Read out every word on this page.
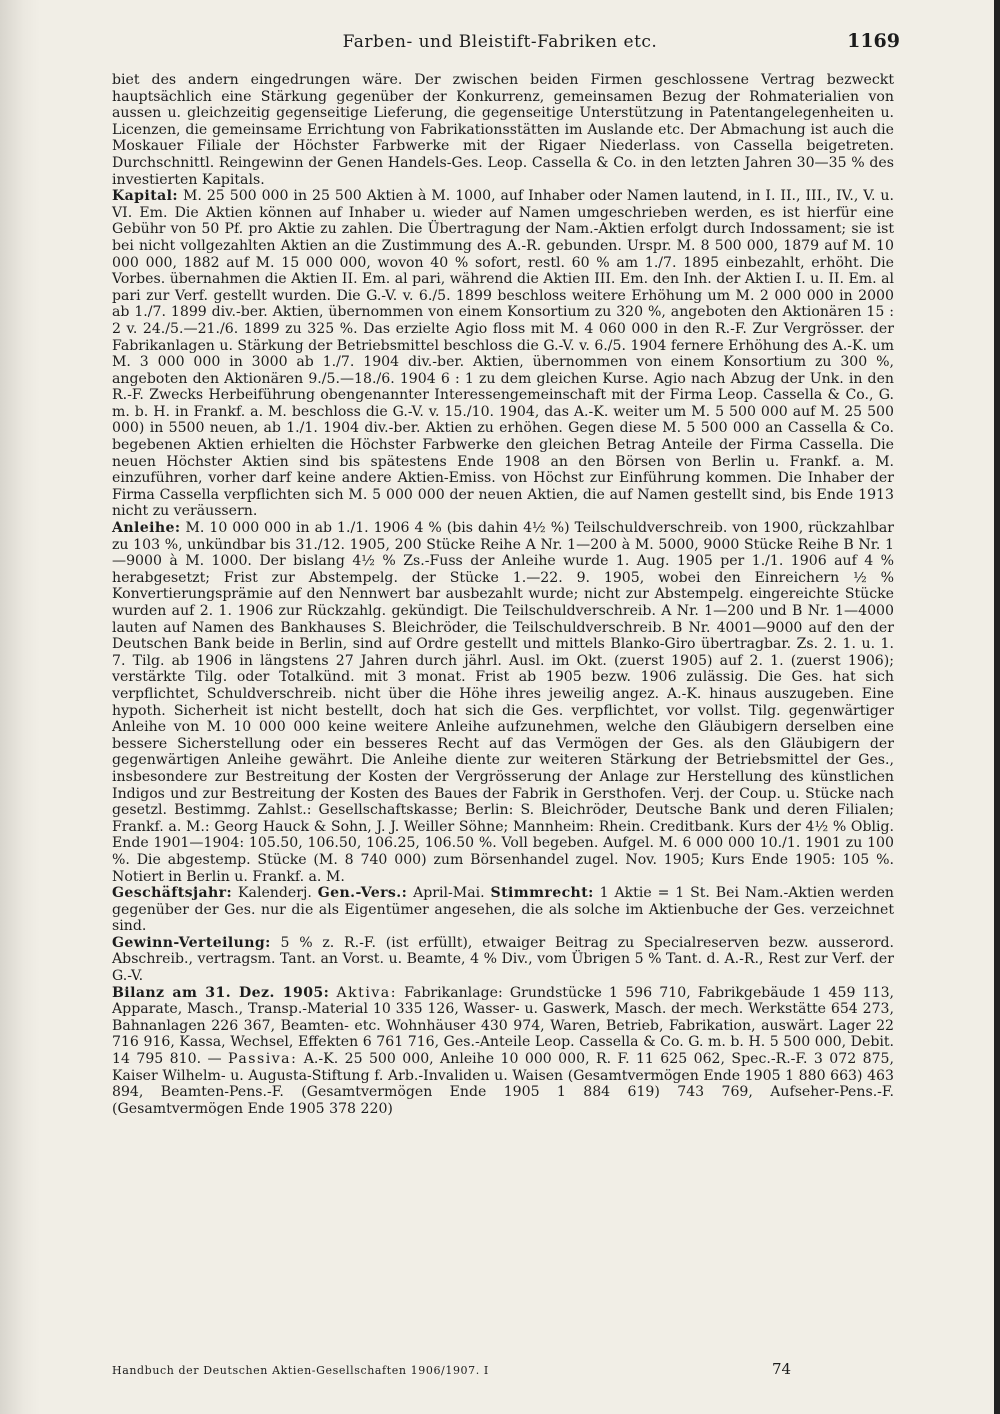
Farben- und Bleistift-Fabriken etc.	1169

biet des andern eingedrungen wäre. Der zwischen beiden Firmen geschlossene Vertrag bezweckt hauptsächlich eine Stärkung gegenüber der Konkurrenz, gemeinsamen Bezug der Rohmaterialien von aussen u. gleichzeitig gegenseitige Lieferung, die gegenseitige Unterstützung in Patentangelegenheiten u. Licenzen, die gemeinsame Errichtung von Fabrikationsstätten im Auslande etc. Der Abmachung ist auch die Moskauer Filiale der Höchster Farbwerke mit der Rigaer Niederlass. von Cassella beigetreten. Durchschnittl. Reingewinn der Genen Handels-Ges. Leop. Cassella & Co. in den letzten Jahren 30—35 % des investierten Kapitals.

Kapital: M. 25 500 000 in 25 500 Aktien à M. 1000, auf Inhaber oder Namen lautend, in I. II., III., IV., V. u. VI. Em. Die Aktien können auf Inhaber u. wieder auf Namen umgeschrieben werden, es ist hierfür eine Gebühr von 50 Pf. pro Aktie zu zahlen. Die Übertragung der Nam.-Aktien erfolgt durch Indossament; sie ist bei nicht vollgezahlten Aktien an die Zustimmung des A.-R. gebunden. Urspr. M. 8 500 000, 1879 auf M. 10 000 000, 1882 auf M. 15 000 000, wovon 40 % sofort, restl. 60 % am 1./7. 1895 einbezahlt, erhöht. Die Vorbes. übernahmen die Aktien II. Em. al pari, während die Aktien III. Em. den Inh. der Aktien I. u. II. Em. al pari zur Verf. gestellt wurden. Die G.-V. v. 6./5. 1899 beschloss weitere Erhöhung um M. 2 000 000 in 2000 ab 1./7. 1899 div.-ber. Aktien, übernommen von einem Konsortium zu 320 %, angeboten den Aktionären 15 : 2 v. 24./5.—21./6. 1899 zu 325 %. Das erzielte Agio floss mit M. 4 060 000 in den R.-F. Zur Vergrösser. der Fabrikanlagen u. Stärkung der Betriebsmittel beschloss die G.-V. v. 6./5. 1904 fernere Erhöhung des A.-K. um M. 3 000 000 in 3000 ab 1./7. 1904 div.-ber. Aktien, übernommen von einem Konsortium zu 300 %, angeboten den Aktionären 9./5.—18./6. 1904 6 : 1 zu dem gleichen Kurse. Agio nach Abzug der Unk. in den R.-F. Zwecks Herbeiführung obengenannter Interessengemeinschaft mit der Firma Leop. Cassella & Co., G. m. b. H. in Frankf. a. M. beschloss die G.-V. v. 15./10. 1904, das A.-K. weiter um M. 5 500 000 auf M. 25 500 000) in 5500 neuen, ab 1./1. 1904 div.-ber. Aktien zu erhöhen. Gegen diese M. 5 500 000 an Cassella & Co. begebenen Aktien erhielten die Höchster Farbwerke den gleichen Betrag Anteile der Firma Cassella. Die neuen Höchster Aktien sind bis spätestens Ende 1908 an den Börsen von Berlin u. Frankf. a. M. einzuführen, vorher darf keine andere Aktien-Emiss. von Höchst zur Einführung kommen. Die Inhaber der Firma Cassella verpflichten sich M. 5 000 000 der neuen Aktien, die auf Namen gestellt sind, bis Ende 1913 nicht zu veräussern.

Anleihe: M. 10 000 000 in ab 1./1. 1906 4 % (bis dahin 4½ %) Teilschuldverschreib. von 1900, rückzahlbar zu 103 %, unkündbar bis 31./12. 1905, 200 Stücke Reihe A Nr. 1—200 à M. 5000, 9000 Stücke Reihe B Nr. 1—9000 à M. 1000. Der bislang 4½ % Zs.-Fuss der Anleihe wurde 1. Aug. 1905 per 1./1. 1906 auf 4 % herabgesetzt; Frist zur Abstempelg. der Stücke 1.—22. 9. 1905, wobei den Einreichern ½ % Konvertierungsprämie auf den Nennwert bar ausbezahlt wurde; nicht zur Abstempelg. eingereichte Stücke wurden auf 2. 1. 1906 zur Rückzahlg. gekündigt. Die Teilschuldverschreib. A Nr. 1—200 und B Nr. 1—4000 lauten auf Namen des Bankhauses S. Bleichröder, die Teilschuldverschreib. B Nr. 4001—9000 auf den der Deutschen Bank beide in Berlin, sind auf Ordre gestellt und mittels Blanko-Giro übertragbar. Zs. 2. 1. u. 1. 7. Tilg. ab 1906 in längstens 27 Jahren durch jährl. Ausl. im Okt. (zuerst 1905) auf 2. 1. (zuerst 1906); verstärkte Tilg. oder Totalkünd. mit 3 monat. Frist ab 1905 bezw. 1906 zulässig. Die Ges. hat sich verpflichtet, Schuldverschreib. nicht über die Höhe ihres jeweilig angez. A.-K. hinaus auszugeben. Eine hypoth. Sicherheit ist nicht bestellt, doch hat sich die Ges. verpflichtet, vor vollst. Tilg. gegenwärtiger Anleihe von M. 10 000 000 keine weitere Anleihe aufzunehmen, welche den Gläubigern derselben eine bessere Sicherstellung oder ein besseres Recht auf das Vermögen der Ges. als den Gläubigern der gegenwärtigen Anleihe gewährt. Die Anleihe diente zur weiteren Stärkung der Betriebsmittel der Ges., insbesondere zur Bestreitung der Kosten der Vergrösserung der Anlage zur Herstellung des künstlichen Indigos und zur Bestreitung der Kosten des Baues der Fabrik in Gersthofen. Verj. der Coup. u. Stücke nach gesetzl. Bestimmg. Zahlst.: Gesellschaftskasse; Berlin: S. Bleichröder, Deutsche Bank und deren Filialen; Frankf. a. M.: Georg Hauck & Sohn, J. J. Weiller Söhne; Mannheim: Rhein. Creditbank. Kurs der 4½ % Oblig. Ende 1901—1904: 105.50, 106.50, 106.25, 106.50 %. Voll begeben. Aufgel. M. 6 000 000 10./1. 1901 zu 100 %. Die abgestemp. Stücke (M. 8 740 000) zum Börsenhandel zugel. Nov. 1905; Kurs Ende 1905: 105 %. Notiert in Berlin u. Frankf. a. M.

Geschäftsjahr: Kalenderj. Gen.-Vers.: April-Mai. Stimmrecht: 1 Aktie = 1 St. Bei Nam.-Aktien werden gegenüber der Ges. nur die als Eigentümer angesehen, die als solche im Aktienbuche der Ges. verzeichnet sind.

Gewinn-Verteilung: 5 % z. R.-F. (ist erfüllt), etwaiger Beitrag zu Specialreserven bezw. ausserord. Abschreib., vertragsm. Tant. an Vorst. u. Beamte, 4 % Div., vom Übrigen 5 % Tant. d. A.-R., Rest zur Verf. der G.-V.

Bilanz am 31. Dez. 1905: Aktiva: Fabrikanlage: Grundstücke 1 596 710, Fabrikgebäude 1 459 113, Apparate, Masch., Transp.-Material 10 335 126, Wasser- u. Gaswerk, Masch. der mech. Werkstätte 654 273, Bahnanlagen 226 367, Beamten- etc. Wohnhäuser 430 974, Waren, Betrieb, Fabrikation, auswärt. Lager 22 716 916, Kassa, Wechsel, Effekten 6 761 716, Ges.-Anteile Leop. Cassella & Co. G. m. b. H. 5 500 000, Debit. 14 795 810. — Passiva: A.-K. 25 500 000, Anleihe 10 000 000, R. F. 11 625 062, Spec.-R.-F. 3 072 875, Kaiser Wilhelm- u. Augusta-Stiftung f. Arb.-Invaliden u. Waisen (Gesamtvermögen Ende 1905 1 880 663) 463 894, Beamten-Pens.-F. (Gesamtvermögen Ende 1905 1 884 619) 743 769, Aufseher-Pens.-F. (Gesamtvermögen Ende 1905 378 220)

Handbuch der Deutschen Aktien-Gesellschaften 1906/1907. I	74
